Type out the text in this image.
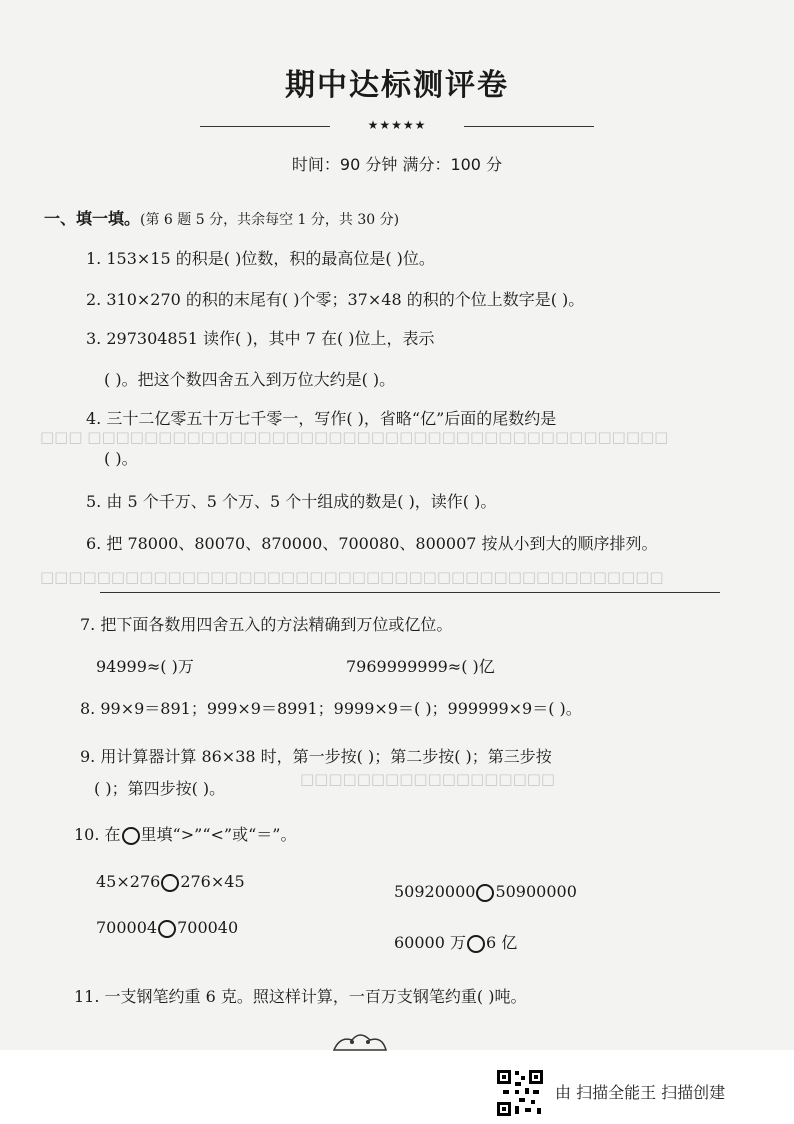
□□□ □□□□□□□□□□□□□□□□□□□□□□□□□□□□□□□□□□□□□□□□□
□□□□□□□□□□□□□□□□□□□□□□□□□□□□□□□□□□□□□□□□□□□□
□□□□□□□□□□□□□□□□□□
期中达标测评卷
★★★★★
时间：90 分钟 满分：100 分
一、填一填。(第 6 题 5 分，共余每空 1 分，共 30 分)
1. 153×15 的积是( )位数，积的最高位是( )位。
2. 310×270 的积的末尾有( )个零；37×48 的积的个位上数字是( )。
3. 297304851 读作( )，其中 7 在( )位上，表示
( )。把这个数四舍五入到万位大约是( )。
4. 三十二亿零五十万七千零一，写作( )，省略“亿”后面的尾数约是
( )。
5. 由 5 个千万、5 个万、5 个十组成的数是( )，读作( )。
6. 把 78000、80070、870000、700080、800007 按从小到大的顺序排列。
7. 把下面各数用四舍五入的方法精确到万位或亿位。
94999≈( )万	7969999999≈( )亿
8. 99×9＝891；999×9＝8991；9999×9＝( )；999999×9＝( )。
9. 用计算器计算 86×38 时，第一步按( )；第二步按( )；第三步按
( )；第四步按( )。
10. 在 里填“>”“<”或“＝”。
45×276 276×45
50920000 50900000
700004 700040
60000 万 6 亿
11. 一支钢笔约重 6 克。照这样计算，一百万支钢笔约重( )吨。
由 扫描全能王 扫描创建
